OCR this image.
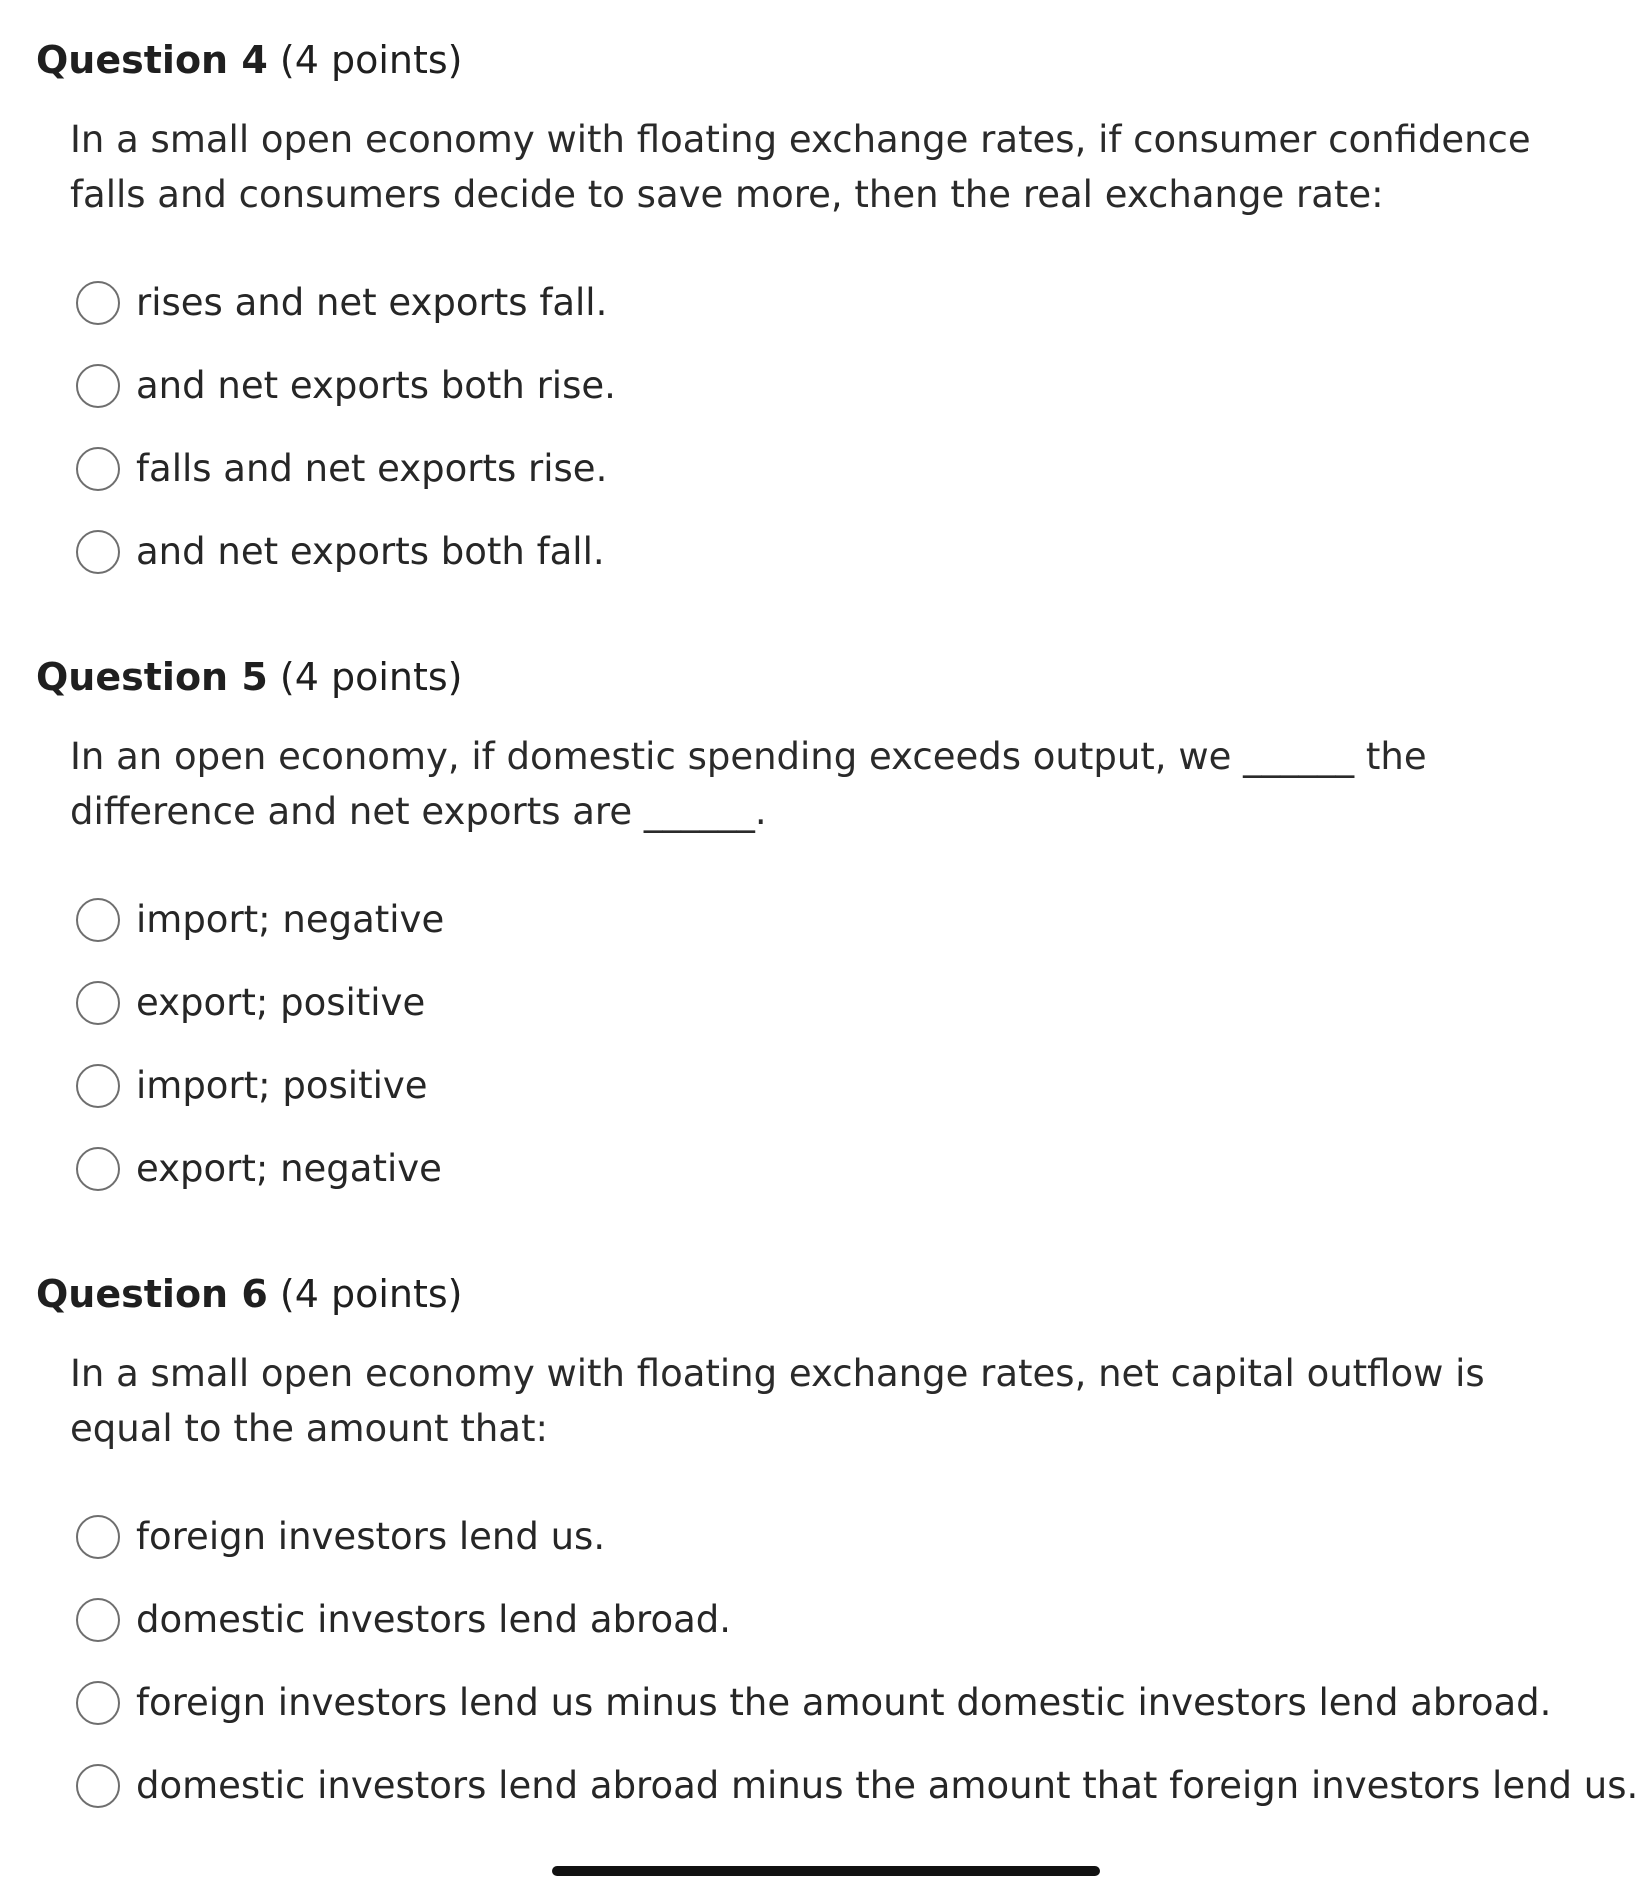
Question 4 (4 points)
In a small open economy with floating exchange rates, if consumer confidence falls and consumers decide to save more, then the real exchange rate:
rises and net exports fall.
and net exports both rise.
falls and net exports rise.
and net exports both fall.
Question 5 (4 points)
In an open economy, if domestic spending exceeds output, we ______ the difference and net exports are ______.
import; negative
export; positive
import; positive
export; negative
Question 6 (4 points)
In a small open economy with floating exchange rates, net capital outflow is equal to the amount that:
foreign investors lend us.
domestic investors lend abroad.
foreign investors lend us minus the amount domestic investors lend abroad.
domestic investors lend abroad minus the amount that foreign investors lend us.
